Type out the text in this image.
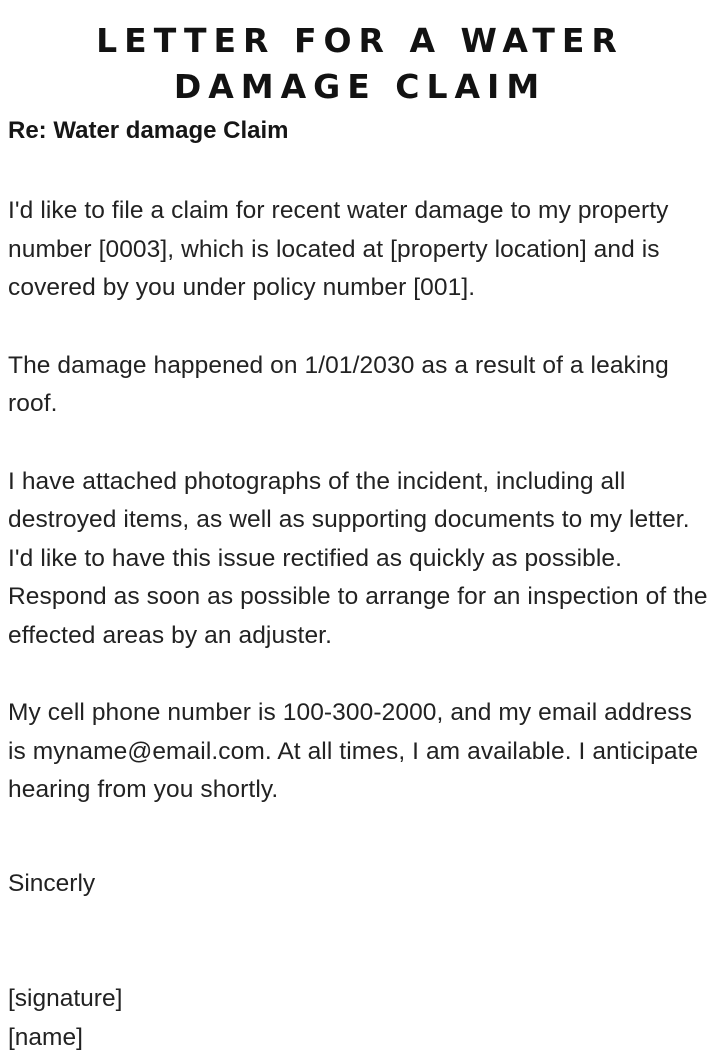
LETTER FOR A WATER DAMAGE CLAIM

Re: Water damage Claim

I'd like to file a claim for recent water damage to my property number [0003], which is located at [property location] and is covered by you under policy number [001].

The damage happened on 1/01/2030 as a result of a leaking roof.

I have attached photographs of the incident, including all destroyed items, as well as supporting documents to my letter.

I'd like to have this issue rectified as quickly as possible. Respond as soon as possible to arrange for an inspection of the effected areas by an adjuster.

My cell phone number is 100-300-2000, and my email address is myname@email.com. At all times, I am available. I anticipate hearing from you shortly.

Sincerly

[signature]

[name]
